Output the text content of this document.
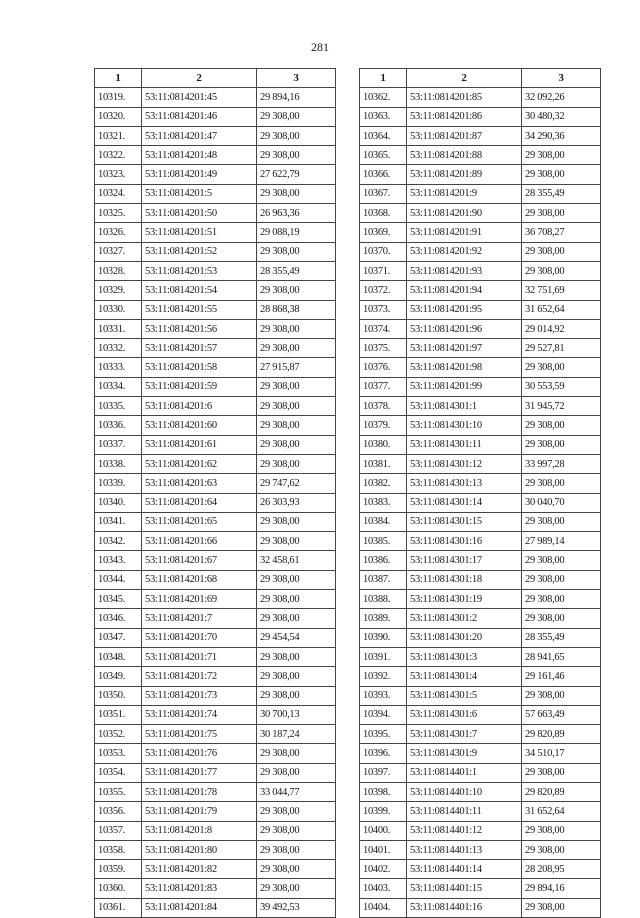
281
1	2	3
10319.	53:11:0814201:45	29 894,16
10320.	53:11:0814201:46	29 308,00
10321.	53:11:0814201:47	29 308,00
10322.	53:11:0814201:48	29 308,00
10323.	53:11:0814201:49	27 622,79
10324.	53:11:0814201:5	29 308,00
10325.	53:11:0814201:50	26 963,36
10326.	53:11:0814201:51	29 088,19
10327.	53:11:0814201:52	29 308,00
10328.	53:11:0814201:53	28 355,49
10329.	53:11:0814201:54	29 308,00
10330.	53:11:0814201:55	28 868,38
10331.	53:11:0814201:56	29 308,00
10332.	53:11:0814201:57	29 308,00
10333.	53:11:0814201:58	27 915,87
10334.	53:11:0814201:59	29 308,00
10335.	53:11:0814201:6	29 308,00
10336.	53:11:0814201:60	29 308,00
10337.	53:11:0814201:61	29 308,00
10338.	53:11:0814201:62	29 308,00
10339.	53:11:0814201:63	29 747,62
10340.	53:11:0814201:64	26 303,93
10341.	53:11:0814201:65	29 308,00
10342.	53:11:0814201:66	29 308,00
10343.	53:11:0814201:67	32 458,61
10344.	53:11:0814201:68	29 308,00
10345.	53:11:0814201:69	29 308,00
10346.	53:11:0814201:7	29 308,00
10347.	53:11:0814201:70	29 454,54
10348.	53:11:0814201:71	29 308,00
10349.	53:11:0814201:72	29 308,00
10350.	53:11:0814201:73	29 308,00
10351.	53:11:0814201:74	30 700,13
10352.	53:11:0814201:75	30 187,24
10353.	53:11:0814201:76	29 308,00
10354.	53:11:0814201:77	29 308,00
10355.	53:11:0814201:78	33 044,77
10356.	53:11:0814201:79	29 308,00
10357.	53:11:0814201:8	29 308,00
10358.	53:11:0814201:80	29 308,00
10359.	53:11:0814201:82	29 308,00
10360.	53:11:0814201:83	29 308,00
10361.	53:11:0814201:84	39 492,53
1	2	3
10362.	53:11:0814201:85	32 092,26
10363.	53:11:0814201:86	30 480,32
10364.	53:11:0814201:87	34 290,36
10365.	53:11:0814201:88	29 308,00
10366.	53:11:0814201:89	29 308,00
10367.	53:11:0814201:9	28 355,49
10368.	53:11:0814201:90	29 308,00
10369.	53:11:0814201:91	36 708,27
10370.	53:11:0814201:92	29 308,00
10371.	53:11:0814201:93	29 308,00
10372.	53:11:0814201:94	32 751,69
10373.	53:11:0814201:95	31 652,64
10374.	53:11:0814201:96	29 014,92
10375.	53:11:0814201:97	29 527,81
10376.	53:11:0814201:98	29 308,00
10377.	53:11:0814201:99	30 553,59
10378.	53:11:0814301:1	31 945,72
10379.	53:11:0814301:10	29 308,00
10380.	53:11:0814301:11	29 308,00
10381.	53:11:0814301:12	33 997,28
10382.	53:11:0814301:13	29 308,00
10383.	53:11:0814301:14	30 040,70
10384.	53:11:0814301:15	29 308,00
10385.	53:11:0814301:16	27 989,14
10386.	53:11:0814301:17	29 308,00
10387.	53:11:0814301:18	29 308,00
10388.	53:11:0814301:19	29 308,00
10389.	53:11:0814301:2	29 308,00
10390.	53:11:0814301:20	28 355,49
10391.	53:11:0814301:3	28 941,65
10392.	53:11:0814301:4	29 161,46
10393.	53:11:0814301:5	29 308,00
10394.	53:11:0814301:6	57 663,49
10395.	53:11:0814301:7	29 820,89
10396.	53:11:0814301:9	34 510,17
10397.	53:11:0814401:1	29 308,00
10398.	53:11:0814401:10	29 820,89
10399.	53:11:0814401:11	31 652,64
10400.	53:11:0814401:12	29 308,00
10401.	53:11:0814401:13	29 308,00
10402.	53:11:0814401:14	28 208,95
10403.	53:11:0814401:15	29 894,16
10404.	53:11:0814401:16	29 308,00
